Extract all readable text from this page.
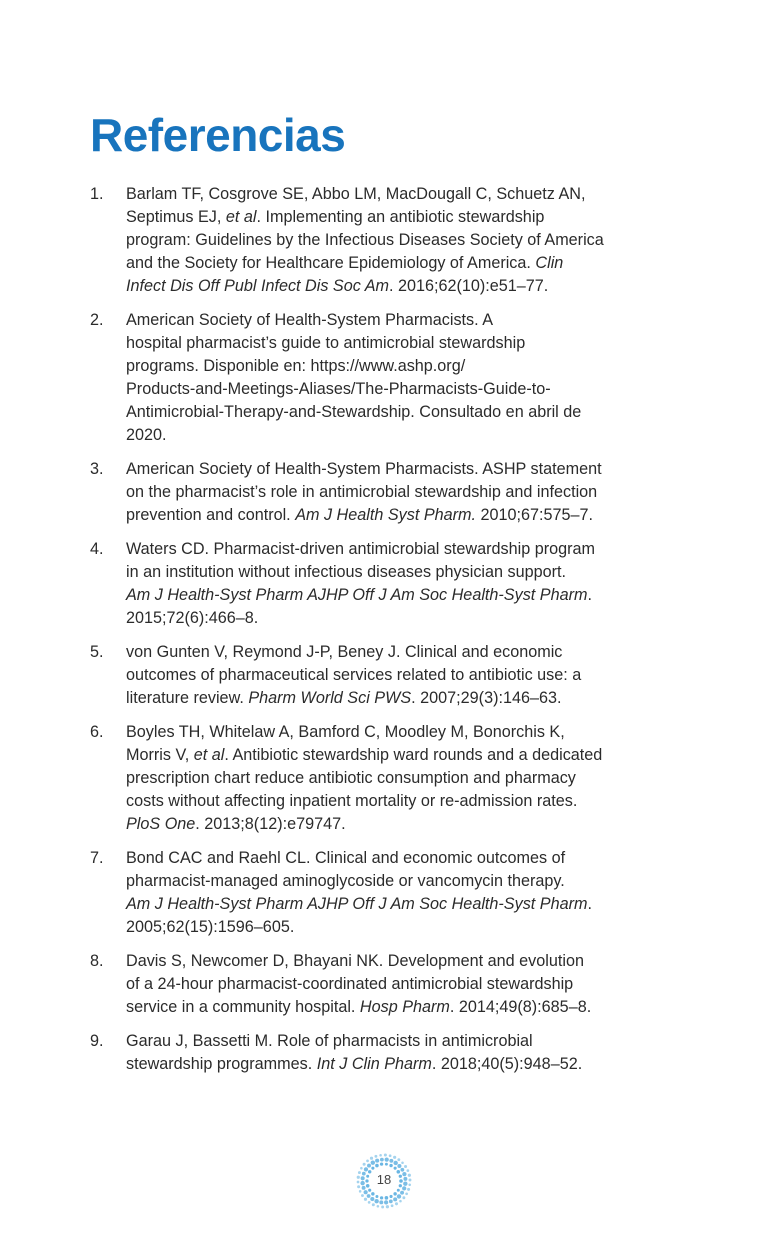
Referencias
1. Barlam TF, Cosgrove SE, Abbo LM, MacDougall C, Schuetz AN,
Septimus EJ, et al. Implementing an antibiotic stewardship
program: Guidelines by the Infectious Diseases Society of America
and the Society for Healthcare Epidemiology of America. Clin
Infect Dis Off Publ Infect Dis Soc Am. 2016;62(10):e51–77.
2. American Society of Health-System Pharmacists. A
hospital pharmacist’s guide to antimicrobial stewardship
programs. Disponible en: https://www.ashp.org/
Products-and-Meetings-Aliases/The-Pharmacists-Guide-to-
Antimicrobial-Therapy-and-Stewardship. Consultado en abril de
2020.
3. American Society of Health-System Pharmacists. ASHP statement
on the pharmacist’s role in antimicrobial stewardship and infection
prevention and control. Am J Health Syst Pharm. 2010;67:575–7.
4. Waters CD. Pharmacist-driven antimicrobial stewardship program
in an institution without infectious diseases physician support.
Am J Health-Syst Pharm AJHP Off J Am Soc Health-Syst Pharm.
2015;72(6):466–8.
5. von Gunten V, Reymond J-P, Beney J. Clinical and economic
outcomes of pharmaceutical services related to antibiotic use: a
literature review. Pharm World Sci PWS. 2007;29(3):146–63.
6. Boyles TH, Whitelaw A, Bamford C, Moodley M, Bonorchis K,
Morris V, et al. Antibiotic stewardship ward rounds and a dedicated
prescription chart reduce antibiotic consumption and pharmacy
costs without affecting inpatient mortality or re-admission rates.
PloS One. 2013;8(12):e79747.
7. Bond CAC and Raehl CL. Clinical and economic outcomes of
pharmacist-managed aminoglycoside or vancomycin therapy.
Am J Health-Syst Pharm AJHP Off J Am Soc Health-Syst Pharm.
2005;62(15):1596–605.
8. Davis S, Newcomer D, Bhayani NK. Development and evolution
of a 24-hour pharmacist-coordinated antimicrobial stewardship
service in a community hospital. Hosp Pharm. 2014;49(8):685–8.
9. Garau J, Bassetti M. Role of pharmacists in antimicrobial
stewardship programmes. Int J Clin Pharm. 2018;40(5):948–52.
18
